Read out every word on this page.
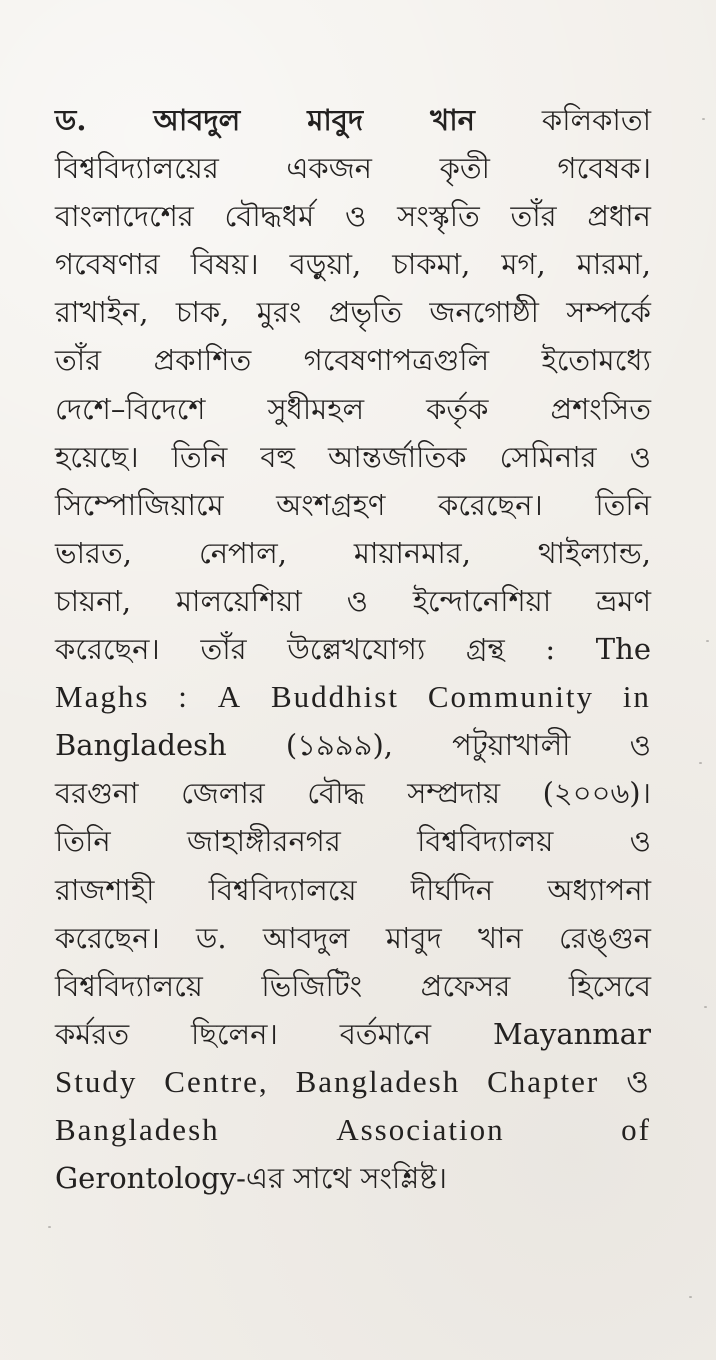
ড. আবদুল মাবুদ খান কলিকাতা
বিশ্ববিদ্যালয়ের একজন কৃতী গবেষক।
বাংলাদেশের বৌদ্ধধর্ম ও সংস্কৃতি তাঁর প্রধান
গবেষণার বিষয়। বড়ুয়া, চাকমা, মগ, মারমা,
রাখাইন, চাক, মুরং প্রভৃতি জনগোষ্ঠী সম্পর্কে
তাঁর প্রকাশিত গবেষণাপত্রগুলি ইতোমধ্যে
দেশে–বিদেশে সুধীমহল কর্তৃক প্রশংসিত
হয়েছে। তিনি বহু আন্তর্জাতিক সেমিনার ও
সিম্পোজিয়ামে অংশগ্রহণ করেছেন। তিনি
ভারত, নেপাল, মায়ানমার, থাইল্যান্ড,
চায়না, মালয়েশিয়া ও ইন্দোনেশিয়া ভ্রমণ
করেছেন। তাঁর উল্লেখযোগ্য গ্রন্থ : The
Maghs : A Buddhist Community in
Bangladesh (১৯৯৯), পটুয়াখালী ও
বরগুনা জেলার বৌদ্ধ সম্প্রদায় (২০০৬)।
তিনি	জাহাঙ্গীরনগর	বিশ্ববিদ্যালয়	ও
রাজশাহী বিশ্ববিদ্যালয়ে দীর্ঘদিন অধ্যাপনা
করেছেন। ড. আবদুল মাবুদ খান রেঙ্গুন
বিশ্ববিদ্যালয়ে ভিজিটিং প্রফেসর হিসেবে
কর্মরত ছিলেন। বর্তমানে Mayanmar
Study Centre, Bangladesh Chapter ও
Bangladesh	Association	of
Gerontology-এর
সাথে
সংশ্লিষ্ট।
